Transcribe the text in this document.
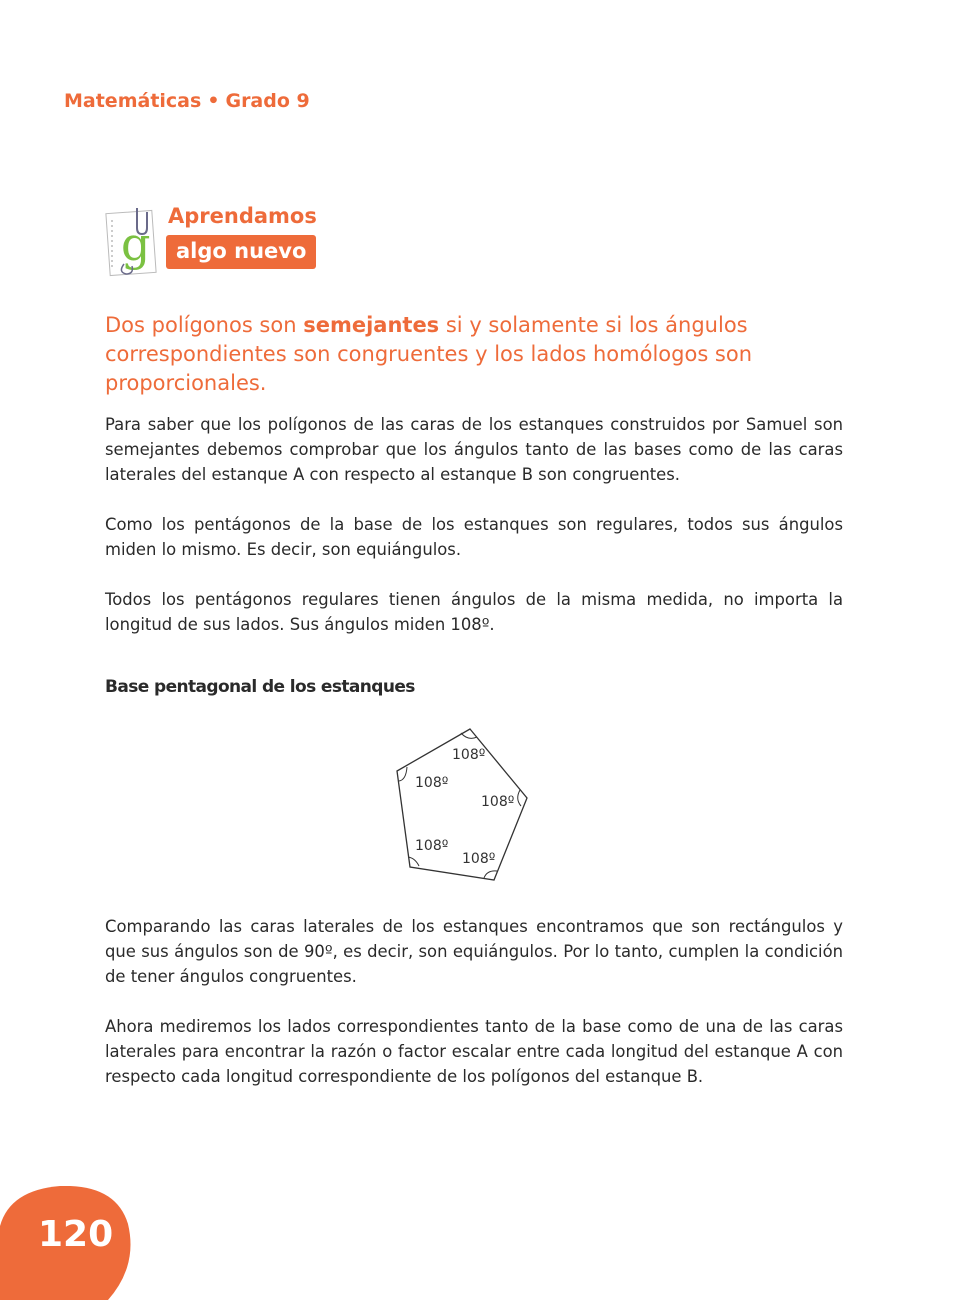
Matemáticas • Grado 9
g
Aprendamos
algo nuevo
Dos polígonos son semejantes si y solamente si los ángulos correspondientes son congruentes y los lados homólogos son proporcionales.

Para saber que los polígonos de las caras de los estanques construidos por Samuel son semejantes debemos comprobar que los ángulos tanto de las bases como de las caras laterales del estanque A con respecto al estanque B son congruentes.

Como los pentágonos de la base de los estanques son regulares, todos sus ángulos miden lo mismo. Es decir, son equiángulos.

Todos los pentágonos regulares tienen ángulos de la misma medida, no importa la longitud de sus lados. Sus ángulos miden 108º.

Base pentagonal de los estanques
108º
108º
108º
108º
108º

Comparando las caras laterales de los estanques encontramos que son rectángulos y que sus ángulos son de 90º, es decir, son equiángulos. Por lo tanto, cumplen la condición de tener ángulos congruentes.

Ahora mediremos los lados correspondientes tanto de la base como de una de las caras laterales para encontrar la razón o factor escalar entre cada longitud del estanque A con respecto cada longitud correspondiente de los polígonos del estanque B.

120
